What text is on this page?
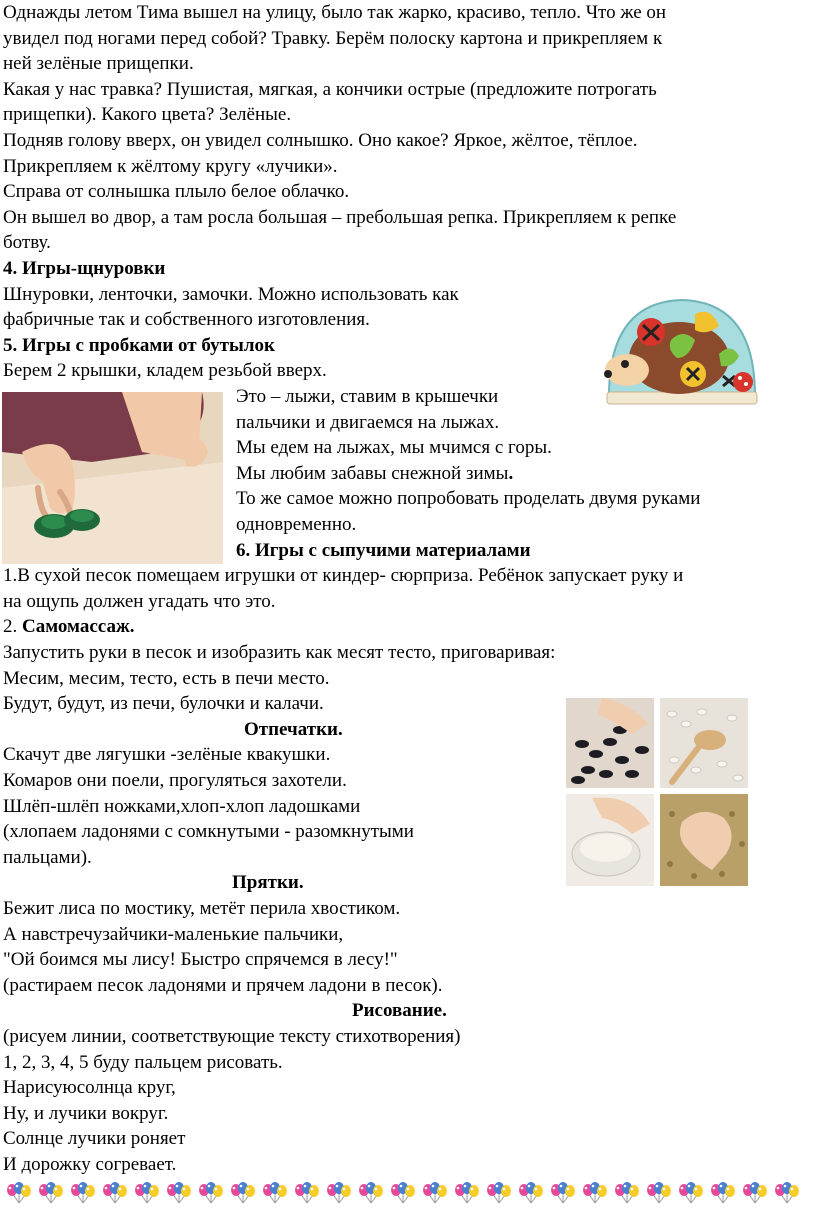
Однажды летом Тима вышел на улицу, было так жарко, красиво, тепло. Что же он
увидел под ногами перед собой? Травку. Берём полоску картона и прикрепляем к
ней зелёные прищепки.
Какая у нас травка? Пушистая, мягкая, а кончики острые (предложите потрогать
прищепки). Какого цвета? Зелёные.
Подняв голову вверх, он увидел солнышко. Оно какое? Яркое, жёлтое, тёплое.
Прикрепляем к жёлтому кругу «лучики».
Справа от солнышка плыло белое облачко.
Он вышел во двор, а там росла большая – пребольшая репка. Прикрепляем к репке
ботву.
4. Игры-щнуровки
Шнуровки, ленточки, замочки. Можно использовать как
фабричные так и собственного изготовления.
5. Игры с пробками от бутылок
Берем 2 крышки, кладем резьбой вверх.
Это – лыжи, ставим в крышечки
пальчики и двигаемся на лыжах.
Мы едем на лыжах, мы мчимся с горы.
Мы любим забавы снежной зимы.
То же самое можно попробовать проделать двумя руками
одновременно.
6. Игры с сыпучими материалами
1.В сухой песок помещаем игрушки от киндер- сюрприза. Ребёнок запускает руку и
на ощупь должен угадать что это.
2. Самомассаж.
Запустить руки в песок и изобразить как месят тесто, приговаривая:
Месим, месим, тесто, есть в печи место.
Будут, будут, из печи, булочки и калачи.
Отпечатки.
Скачут две лягушки -зелёные квакушки.
Комаров они поели, прогуляться захотели.
Шлёп-шлёп ножками,хлоп-хлоп ладошками
(хлопаем ладонями с сомкнутыми - разомкнутыми
пальцами).
Прятки.
Бежит лиса по мостику, метёт перила хвостиком.
А навстречузайчики-маленькие пальчики,
"Ой боимся мы лису! Быстро спрячемся в лесу!"
(растираем песок ладонями и прячем ладони в песок).
Рисование.
(рисуем линии, соответствующие тексту стихотворения)
1, 2, 3, 4, 5 буду пальцем рисовать.
Нарисуюсолнца круг,
Ну, и лучики вокруг.
Солнце лучики роняет
И дорожку согревает.
